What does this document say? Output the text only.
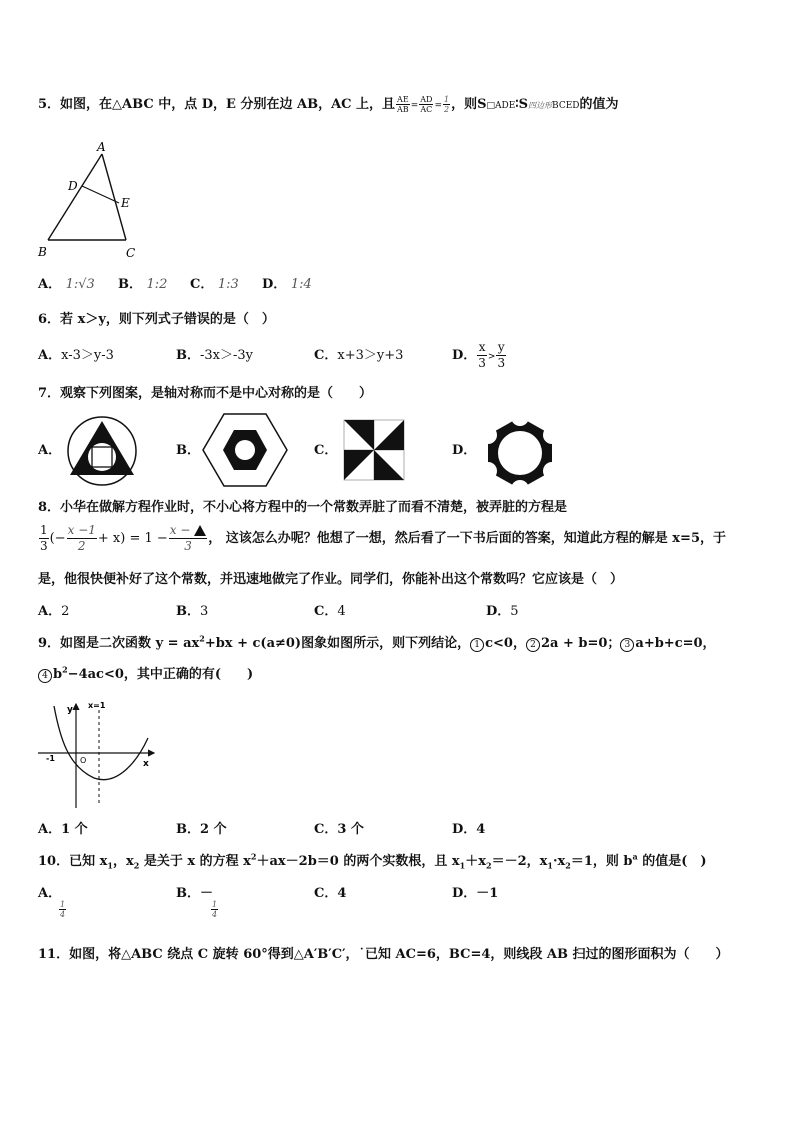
5．如图，在△ABC 中，点 D，E 分别在边 AB，AC 上，且 $\frac{AE}{AB} = \frac{AD}{AC} = \frac{1}{2}$ ，则S□ADE∶S四边形BCED的值为
A
D
E
B	C
A． 1:√3 B． 1:2 C． 1:3 D． 1:4
6．若 x＞y，则下列式子错误的是（　）
A．x-3＞y-3	B．-3x＞-3y	C．x+3＞y+3	D． $\frac{x}{3} > \frac{y}{3}$
7．观察下列图案，是轴对称而不是中心对称的是（　　）
A．	B．	C．	D．
8．小华在做解方程作业时，不小心将方程中的一个常数弄脏了而看不清楚，被弄脏的方程是
$\frac{1}{3}$ (− $\frac{x -1}{2} + x) = 1 - \frac{x -}{3}$ ， 这该怎么办呢？他想了一想，然后看了一下书后面的答案，知道此方程的解是 x=5，于
是，他很快便补好了这个常数，并迅速地做完了作业。同学们，你能补出这个常数吗？它应该是（　）
A．2	B．3	C．4	D．5
9．如图是二次函数 $y = ax^2+bx + c(a\ne 0)$图象如图所示，则下列结论， 1 c<0， 2 2a + b=0； 3 a+b+c=0，
4 $b^2-4ac<0$，其中正确的有(　　)
y
x
O
-1
x=1
A．1 个	B．2 个	C．3 个	D．4
10．已知 $x_1$，$x_2$ 是关于 x 的方程 $x^2+ax-2b=0$ 的两个实数根，且 $x_1+x_2=-2$，$x_1\cdot x_2=1$，则 $b^a$ 的值是(　)
A．
$\frac{1}{4}$
B．－
$\frac{1}{4}$
C．4	D．－1
11．如图，将△ABC 绕点 C 旋转 60°得到△A′B′C′，˙已知 AC=6，BC=4，则线段 AB 扫过的图形面积为（　　）
